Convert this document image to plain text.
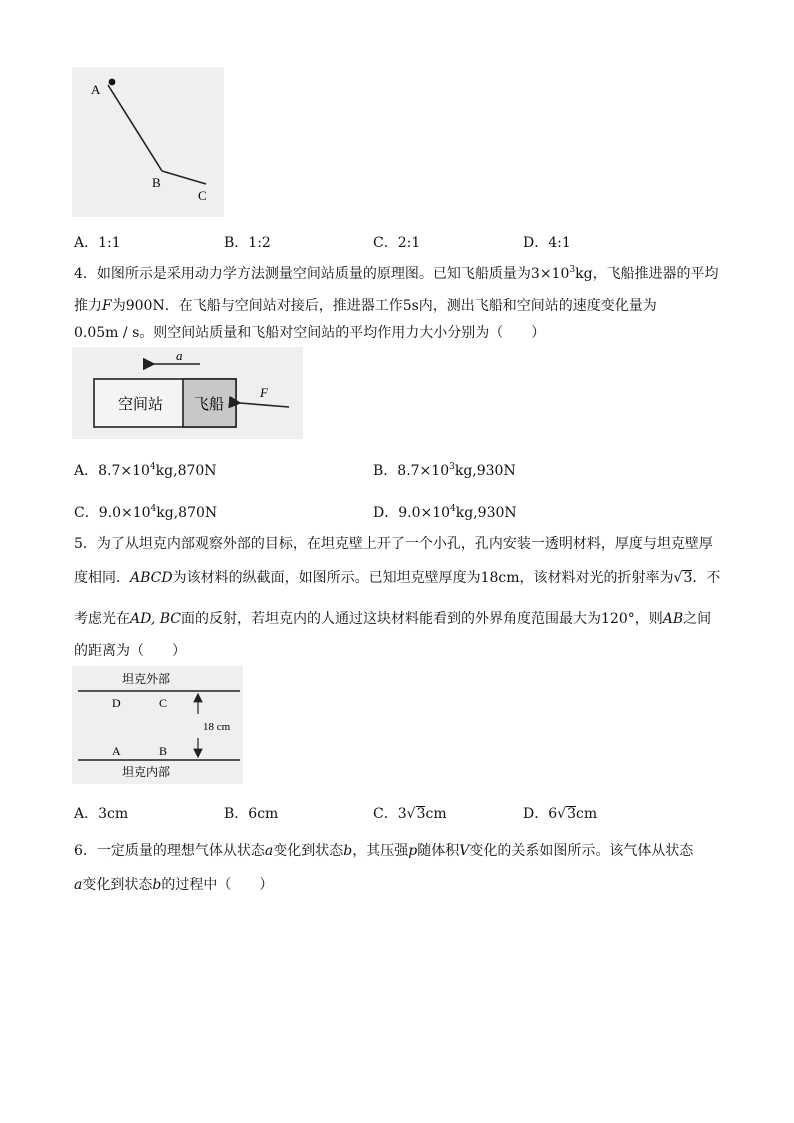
A
B
C
A．1:1	B．1:2	C．2:1	D．4:1
4．如图所示是采用动力学方法测量空间站质量的原理图。已知飞船质量为$3\times 10^3kg$，飞船推进器的平均
推力F为900N．在飞船与空间站对接后，推进器工作5s内，测出飞船和空间站的速度变化量为
0.05m / s。则空间站质量和飞船对空间站的平均作用力大小分别为（　　）
a
空间站 飞船
F
A．$8.7\times 10^4kg,870N$	B．$8.7\times 10^3kg,930N$
C．$9.0\times 10^4kg,870N$	D．$9.0\times 10^4kg,930N$
5．为了从坦克内部观察外部的目标，在坦克壁上开了一个小孔，孔内安装一透明材料，厚度与坦克壁厚
度相同．ABCD为该材料的纵截面，如图所示。已知坦克壁厚度为18cm，该材料对光的折射率为√3．不
考虑光在AD, BC面的反射，若坦克内的人通过这块材料能看到的外界角度范围最大为120°，则AB之间
的距离为（　　）
坦克外部
D	C
A	B
18 cm
坦克内部
A．3cm	B．6cm	C．3√3cm	D．6√3cm
6．一定质量的理想气体从状态a变化到状态b，其压强p随体积V变化的关系如图所示。该气体从状态
a变化到状态b的过程中（　　）
